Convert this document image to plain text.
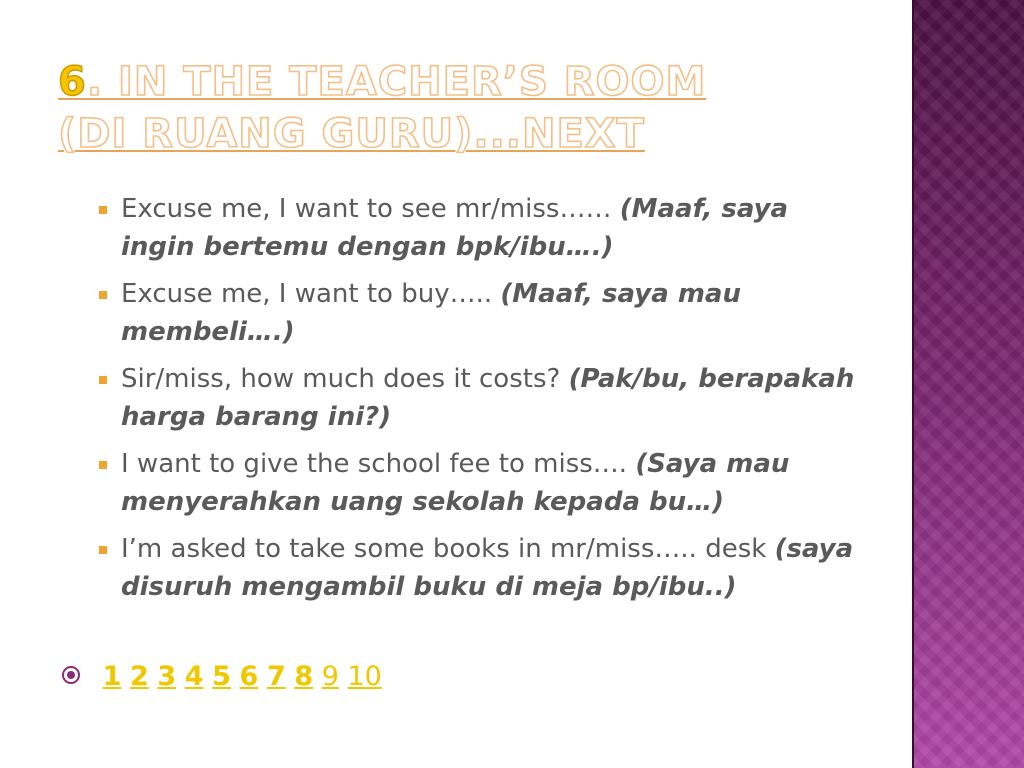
6. IN THE TEACHER’S ROOM
(DI RUANG GURU)...NEXT
Excuse me, I want to see mr/miss…… (Maaf, saya ingin bertemu dengan bpk/ibu….)
Excuse me, I want to buy….. (Maaf, saya mau membeli….)
Sir/miss, how much does it costs? (Pak/bu, berapakah harga barang ini?)
I want to give the school fee to miss…. (Saya mau menyerahkan uang sekolah kepada bu…)
I’m asked to take some books in mr/miss….. desk (saya disuruh mengambil buku di meja bp/ibu..)
1 2 3 4 5 6 7 8 9 10
